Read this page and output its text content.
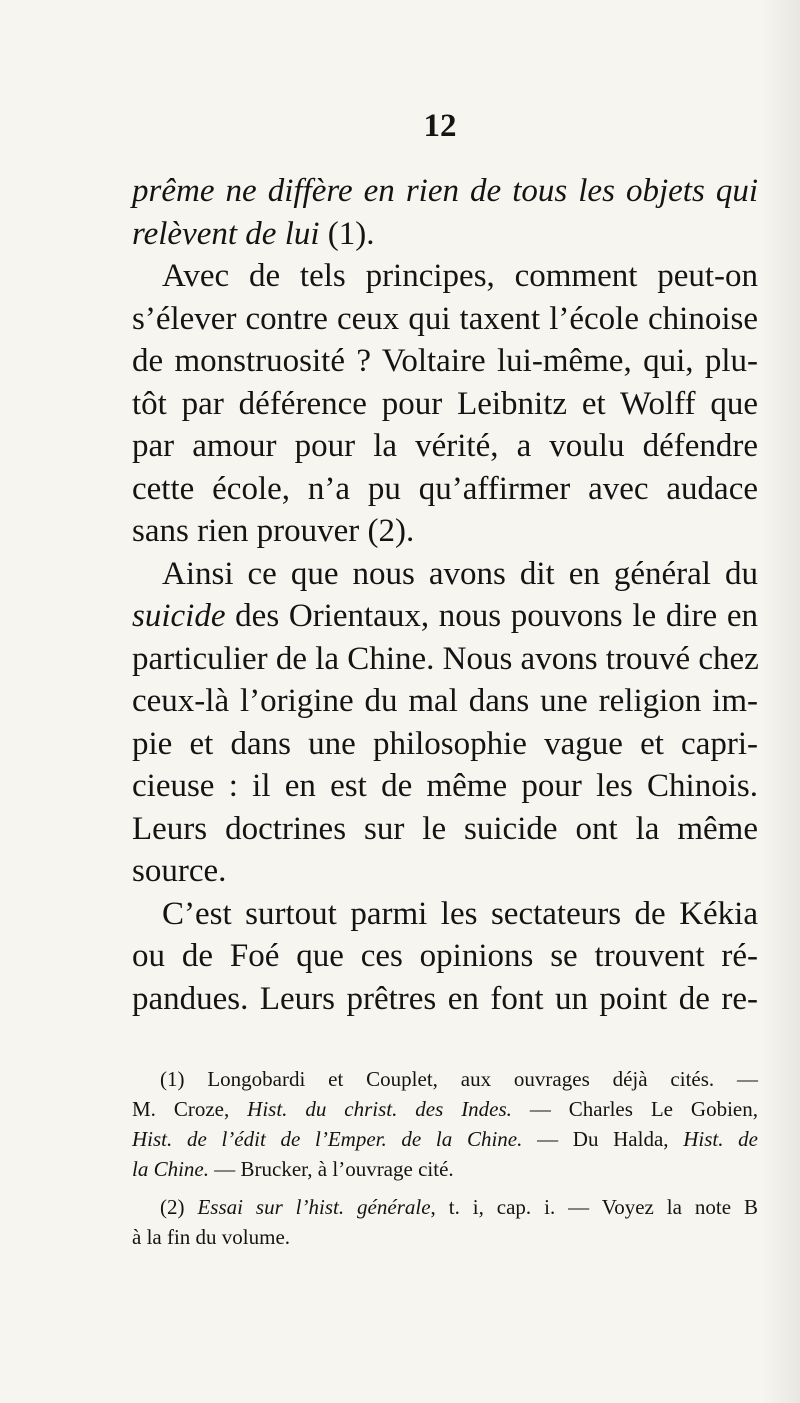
12
prême ne diffère en rien de tous les objets qui
relèvent de lui (1).
Avec de tels principes, comment peut-on
s’élever contre ceux qui taxent l’école chinoise
de monstruosité ? Voltaire lui-même, qui, plu-
tôt par déférence pour Leibnitz et Wolff que
par amour pour la vérité, a voulu défendre
cette école, n’a pu qu’affirmer avec audace
sans rien prouver (2).
Ainsi ce que nous avons dit en général du
suicide des Orientaux, nous pouvons le dire en
particulier de la Chine. Nous avons trouvé chez
ceux-là l’origine du mal dans une religion im-
pie et dans une philosophie vague et capri-
cieuse : il en est de même pour les Chinois.
Leurs doctrines sur le suicide ont la même
source.
C’est surtout parmi les sectateurs de Kékia
ou de Foé que ces opinions se trouvent ré-
pandues. Leurs prêtres en font un point de re-
(1) Longobardi et Couplet, aux ouvrages déjà cités. —
M. Croze, Hist. du christ. des Indes. — Charles Le Gobien,
Hist. de l’édit de l’Emper. de la Chine. — Du Halda, Hist. de
la Chine. — Brucker, à l’ouvrage cité.
(2) Essai sur l’hist. générale, t. i, cap. i. — Voyez la note B
à la fin du volume.
